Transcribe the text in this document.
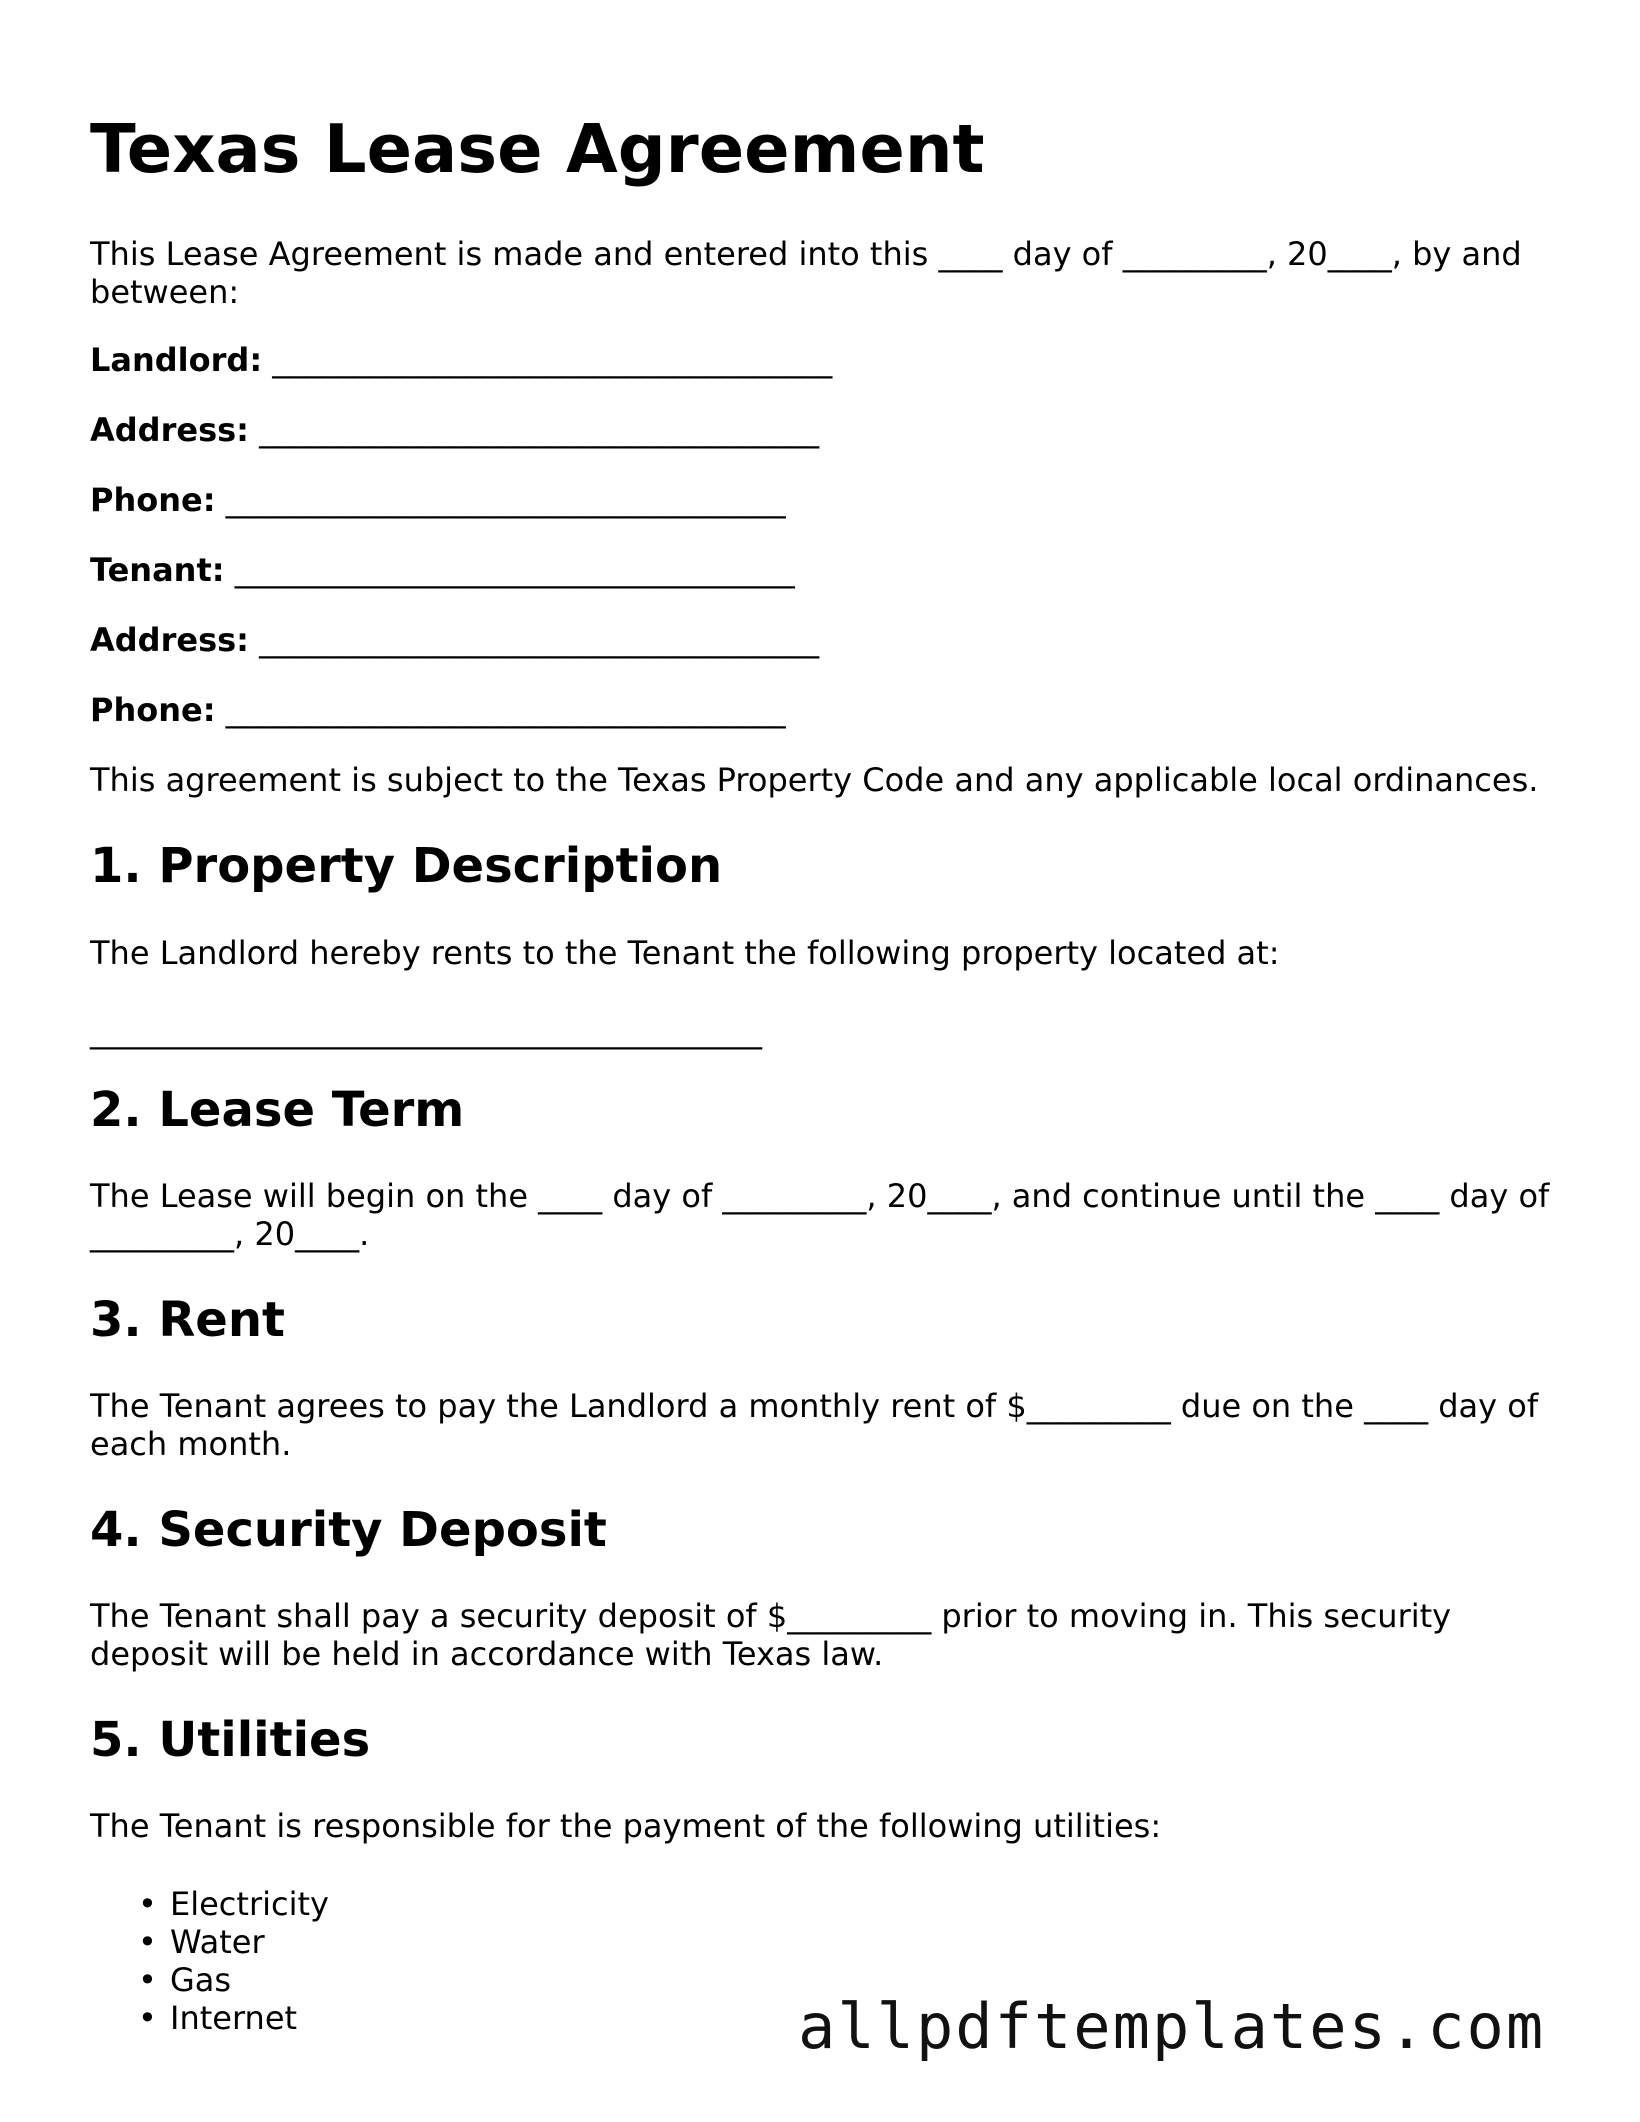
Texas Lease Agreement

This Lease Agreement is made and entered into this ____ day of _________, 20____, by and between:

Landlord: ___________________________________

Address: ___________________________________

Phone: ___________________________________

Tenant: ___________________________________

Address: ___________________________________

Phone: ___________________________________

This agreement is subject to the Texas Property Code and any applicable local ordinances.

1. Property Description

The Landlord hereby rents to the Tenant the following property located at:

__________________________________________

2. Lease Term

The Lease will begin on the ____ day of _________, 20____, and continue until the ____ day of _________, 20____.

3. Rent

The Tenant agrees to pay the Landlord a monthly rent of $_________ due on the ____ day of each month.

4. Security Deposit

The Tenant shall pay a security deposit of $_________ prior to moving in. This security deposit will be held in accordance with Texas law.

5. Utilities

The Tenant is responsible for the payment of the following utilities:

• Electricity
• Water
• Gas
• Internet	allpdftemplates.com
